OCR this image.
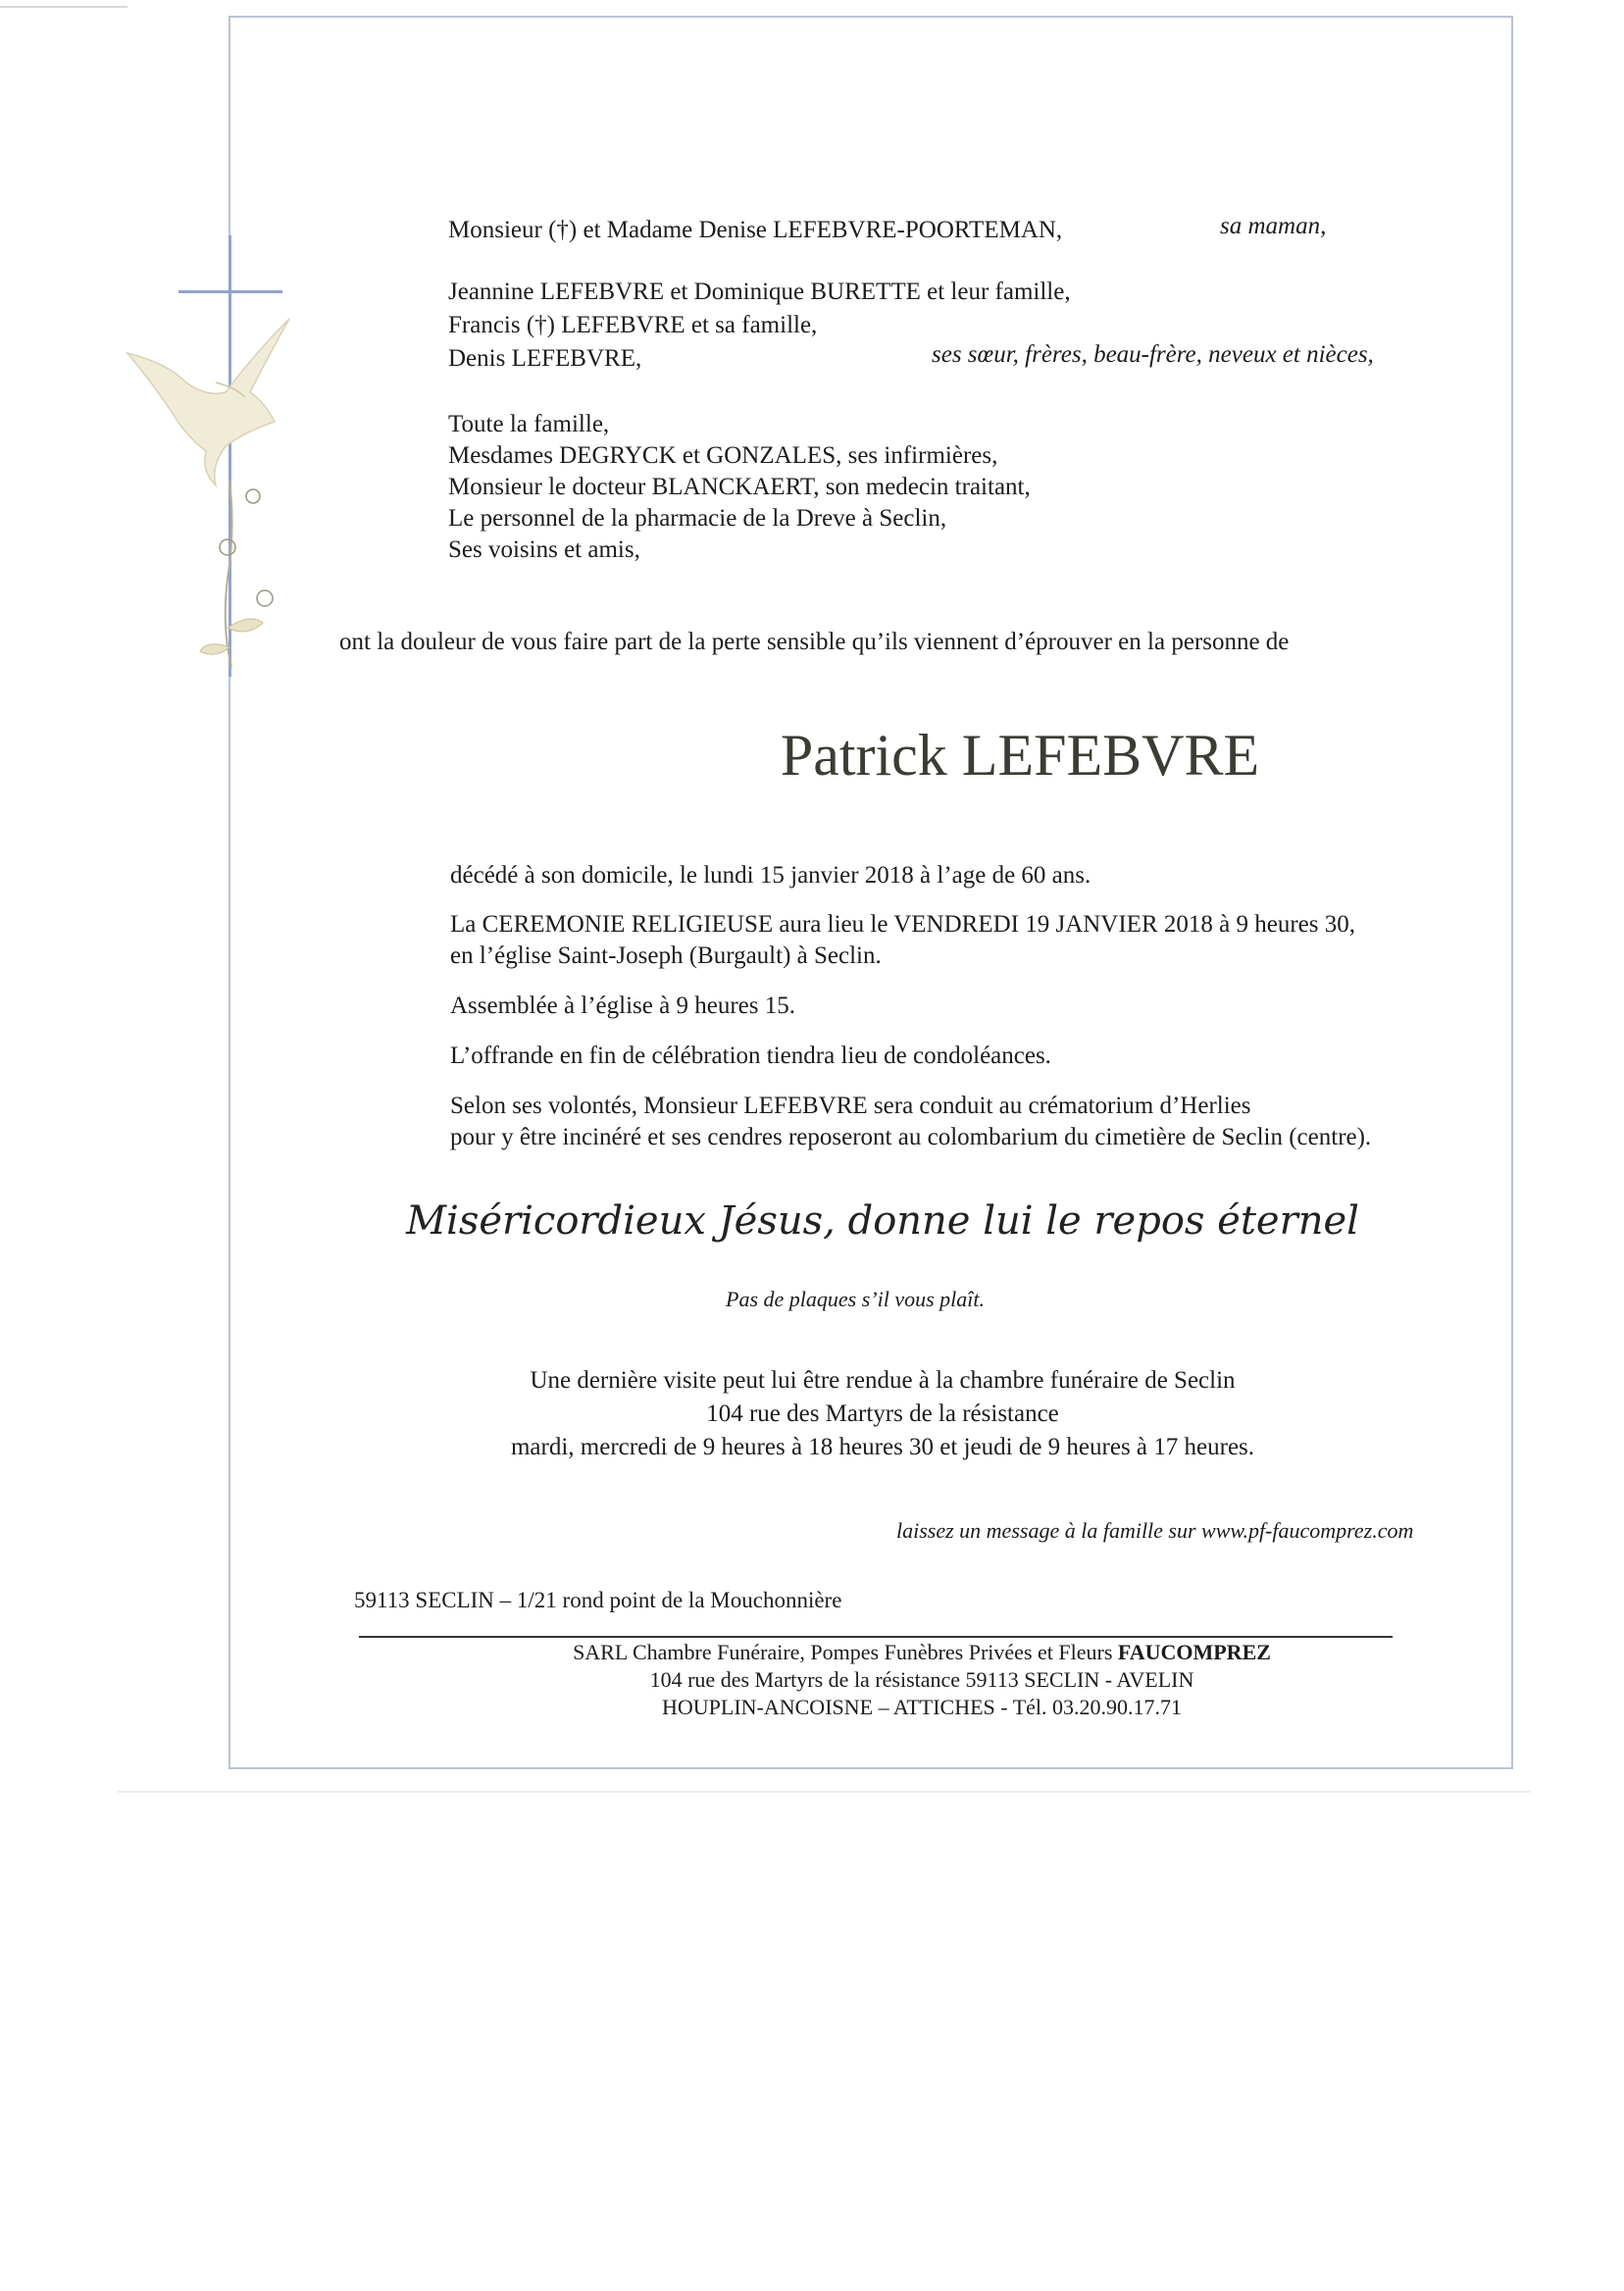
Monsieur (†) et Madame Denise LEFEBVRE-POORTEMAN,	sa maman,
Jeannine LEFEBVRE et Dominique BURETTE et leur famille,
Francis (†) LEFEBVRE et sa famille,
Denis LEFEBVRE,	ses sœur, frères, beau-frère, neveux et nièces,
Toute la famille,
Mesdames DEGRYCK et GONZALES, ses infirmières,
Monsieur le docteur BLANCKAERT, son medecin traitant,
Le personnel de la pharmacie de la Dreve à Seclin,
Ses voisins et amis,
ont la douleur de vous faire part de la perte sensible qu’ils viennent d’éprouver en la personne de
Patrick LEFEBVRE
décédé à son domicile, le lundi 15 janvier 2018 à l’age de 60 ans.
La CEREMONIE RELIGIEUSE aura lieu le VENDREDI 19 JANVIER 2018 à 9 heures 30,
en l’église Saint-Joseph (Burgault) à Seclin.
Assemblée à l’église à 9 heures 15.
L’offrande en fin de célébration tiendra lieu de condoléances.
Selon ses volontés, Monsieur LEFEBVRE sera conduit au crématorium d’Herlies
pour y être incinéré et ses cendres reposeront au colombarium du cimetière de Seclin (centre).
Miséricordieux Jésus, donne lui le repos éternel
Pas de plaques s’il vous plaît.
Une dernière visite peut lui être rendue à la chambre funéraire de Seclin
104 rue des Martyrs de la résistance
mardi, mercredi de 9 heures à 18 heures 30 et jeudi de 9 heures à 17 heures.
laissez un message à la famille sur www.pf-faucomprez.com
59113 SECLIN – 1/21 rond point de la Mouchonnière
SARL Chambre Funéraire, Pompes Funèbres Privées et Fleurs FAUCOMPREZ
104 rue des Martyrs de la résistance 59113 SECLIN - AVELIN
HOUPLIN-ANCOISNE – ATTICHES - Tél. 03.20.90.17.71
